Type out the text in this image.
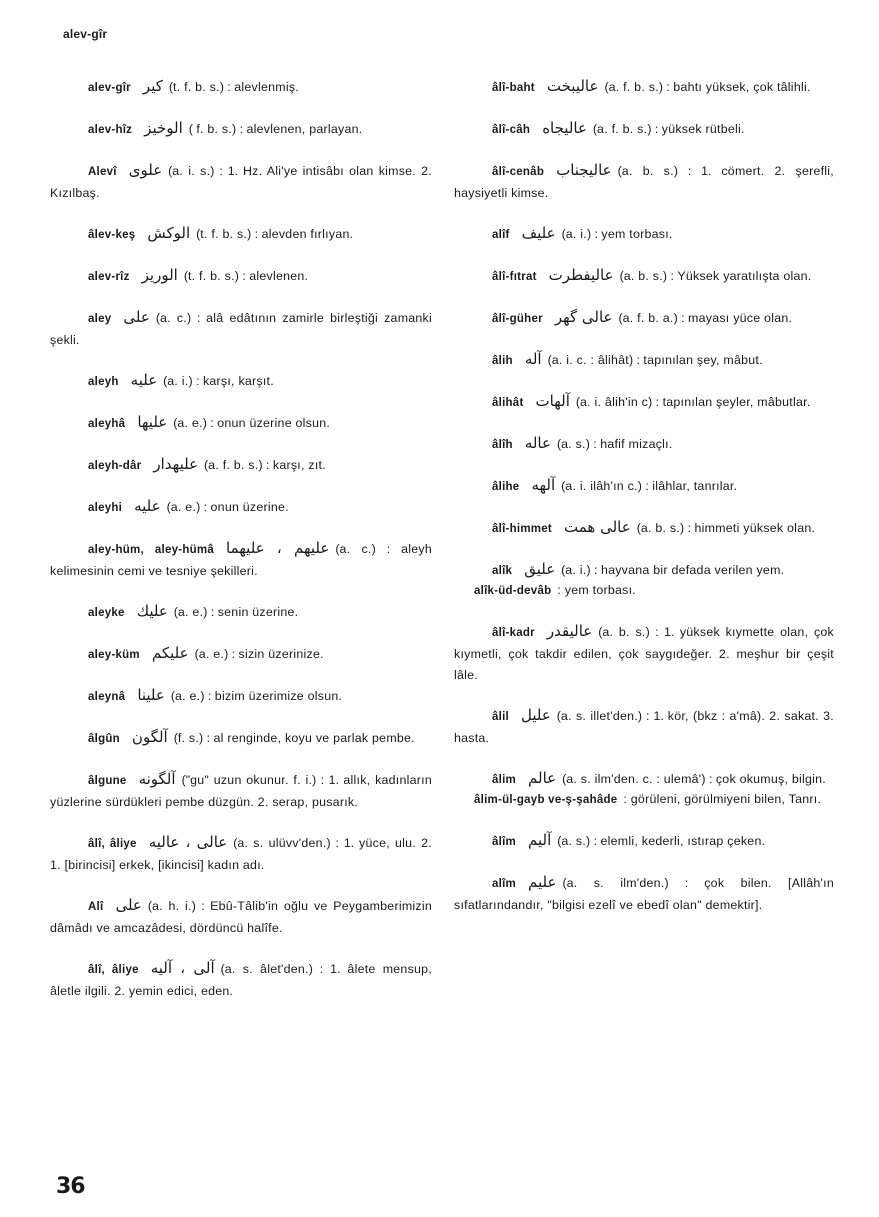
alev-gîr

alev-gîr کیر (t. f. b. s.) : alevlenmiş.

alev-hîz الوخیز ( f. b. s.) : alevlenen, parlayan.

Alevî علوی (a. i. s.) : 1. Hz. Ali'ye intisâbı olan kimse. 2. Kızılbaş.

âlev-keş الوکش (t. f. b. s.) : alevden fırlıyan.

alev-rîz الوریز (t. f. b. s.) : alevlenen.

aley علی (a. c.) : alâ edâtının zamirle birleştiği zamanki şekli.

aleyh علیه (a. i.) : karşı, karşıt.

aleyhâ علیها (a. e.) : onun üzerine olsun.

aleyh-dâr علیهدار (a. f. b. s.) : karşı, zıt.

aleyhi علیه (a. e.) : onun üzerine.

aley-hüm, aley-hümâ علیهم ، علیهما (a. c.) : aleyh kelimesinin cemi ve tesniye şekilleri.

aleyke علیك (a. e.) : senin üzerine.

aley-küm علیکم (a. e.) : sizin üzerinize.

aleynâ علینا (a. e.) : bizim üzerimize olsun.

âlgûn آلگون (f. s.) : al renginde, koyu ve parlak pembe.

âlgune آلگونه ("gu" uzun okunur. f. i.) : 1. allık, kadınların yüzlerine sürdükleri pembe düzgün. 2. serap, pusarık.

âlî, âliye عالی ، عالیه (a. s. ulüvv'den.) : 1. yüce, ulu. 2. 1. [birincisi] erkek, [ikincisi] kadın adı.

Alî علی (a. h. i.) : Ebû-Tâlib'in oğlu ve Peygamberimizin dâmâdı ve amcazâdesi, dördüncü halîfe.

âlî, âliye آلی ، آلیه (a. s. âlet'den.) : 1. âlete mensup, âletle ilgili. 2. yemin edici, eden.

âlî-baht عالیبخت (a. f. b. s.) : bahtı yüksek, çok tâlihli.

âlî-câh عالیجاه (a. f. b. s.) : yüksek rütbeli.

âlî-cenâb عالیجناب (a. b. s.) : 1. cömert. 2. şerefli, haysiyetli kimse.

alîf علیف (a. i.) : yem torbası.

âlî-fıtrat عالیفطرت (a. b. s.) : Yüksek yaratılışta olan.

âlî-güher عالی گهر (a. f. b. a.) : mayası yüce olan.

âlih آله (a. i. c. : âlihât) : tapınılan şey, mâbut.

âlihât آلهات (a. i. âlih'in c) : tapınılan şeyler, mâbutlar.

âlîh عاله (a. s.) : hafif mizaçlı.

âlihe آلهه (a. i. ilâh'ın c.) : ilâhlar, tanrılar.

âlî-himmet عالی همت (a. b. s.) : himmeti yüksek olan.

alîk علیق (a. i.) : hayvana bir defada verilen yem.

alîk-üd-devâb : yem torbası.

âlî-kadr عالیقدر (a. b. s.) : 1. yüksek kıymette olan, çok kıymetli, çok takdir edilen, çok saygıdeğer. 2. meşhur bir çeşit lâle.

âlil علیل (a. s. illet'den.) : 1. kör, (bkz : a'mâ). 2. sakat. 3. hasta.

âlim عالم (a. s. ilm'den. c. : ulemâ') : çok okumuş, bilgin.

âlim-ül-gayb ve-ş-şahâde : görüleni, görülmiyeni bilen, Tanrı.

âlîm آلیم (a. s.) : elemli, kederli, ıstırap çeken.

alîm علیم (a. s. ilm'den.) : çok bilen. [Allâh'ın sıfatlarındandır, "bilgisi ezelî ve ebedî olan" demektir].

36
